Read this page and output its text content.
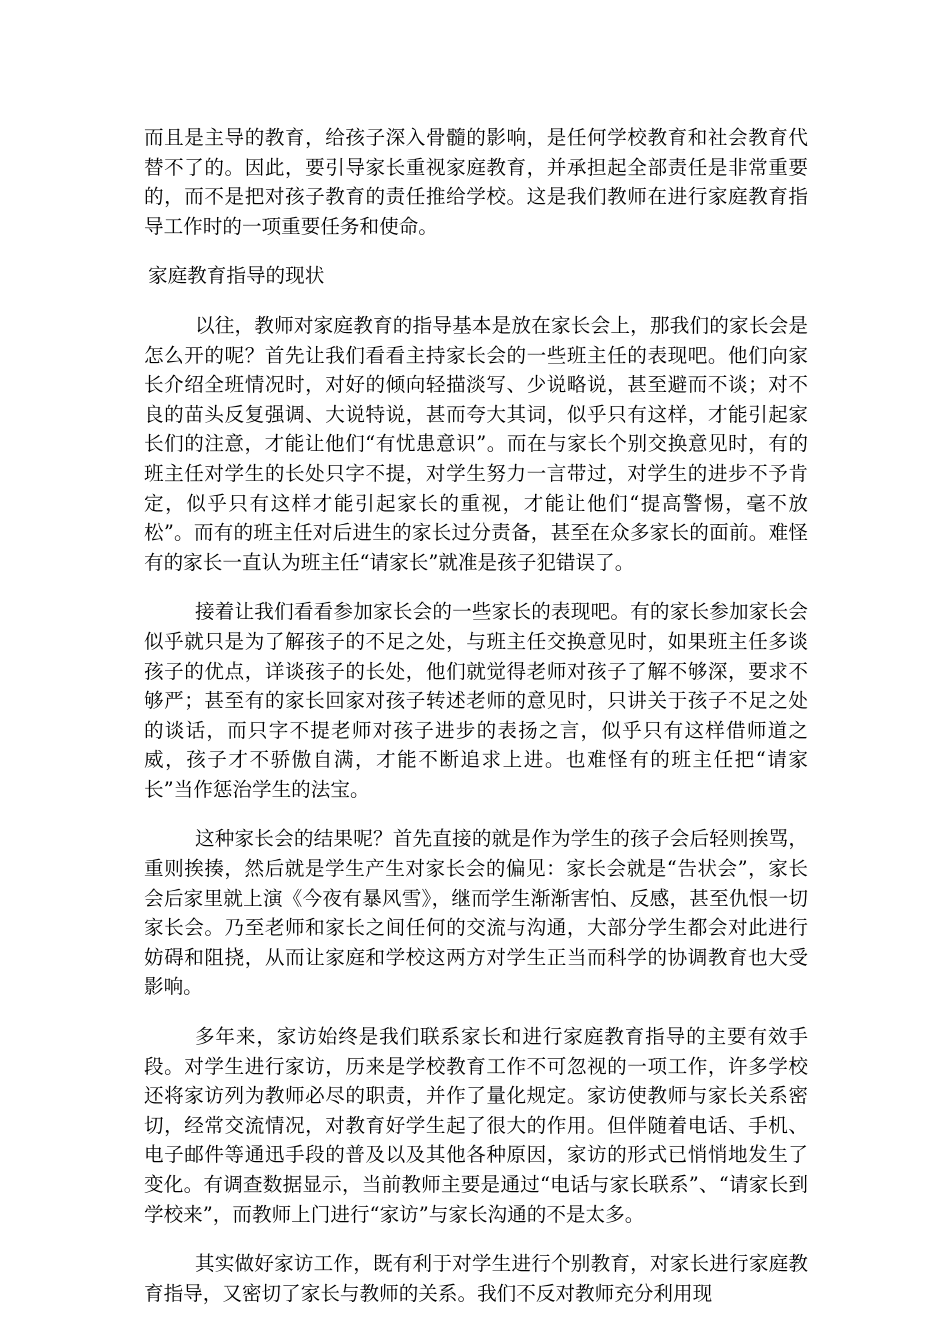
而且是主导的教育，给孩子深入骨髓的影响，是任何学校教育和社会教育代替不了的。因此，要引导家长重视家庭教育，并承担起全部责任是非常重要的，而不是把对孩子教育的责任推给学校。这是我们教师在进行家庭教育指导工作时的一项重要任务和使命。

家庭教育指导的现状

以往，教师对家庭教育的指导基本是放在家长会上，那我们的家长会是怎么开的呢？首先让我们看看主持家长会的一些班主任的表现吧。他们向家长介绍全班情况时，对好的倾向轻描淡写、少说略说，甚至避而不谈；对不良的苗头反复强调、大说特说，甚而夸大其词，似乎只有这样，才能引起家长们的注意，才能让他们“有忧患意识”。而在与家长个别交换意见时，有的班主任对学生的长处只字不提，对学生努力一言带过，对学生的进步不予肯定，似乎只有这样才能引起家长的重视，才能让他们“提高警惕，毫不放松”。而有的班主任对后进生的家长过分责备，甚至在众多家长的面前。难怪有的家长一直认为班主任“请家长”就准是孩子犯错误了。

接着让我们看看参加家长会的一些家长的表现吧。有的家长参加家长会似乎就只是为了解孩子的不足之处，与班主任交换意见时，如果班主任多谈孩子的优点，详谈孩子的长处，他们就觉得老师对孩子了解不够深，要求不够严；甚至有的家长回家对孩子转述老师的意见时，只讲关于孩子不足之处的谈话，而只字不提老师对孩子进步的表扬之言，似乎只有这样借师道之威，孩子才不骄傲自满，才能不断追求上进。也难怪有的班主任把“请家长”当作惩治学生的法宝。

这种家长会的结果呢？首先直接的就是作为学生的孩子会后轻则挨骂，重则挨揍，然后就是学生产生对家长会的偏见：家长会就是“告状会”，家长会后家里就上演《今夜有暴风雪》，继而学生渐渐害怕、反感，甚至仇恨一切家长会。乃至老师和家长之间任何的交流与沟通，大部分学生都会对此进行妨碍和阻挠，从而让家庭和学校这两方对学生正当而科学的协调教育也大受影响。

多年来，家访始终是我们联系家长和进行家庭教育指导的主要有效手段。对学生进行家访，历来是学校教育工作不可忽视的一项工作，许多学校还将家访列为教师必尽的职责，并作了量化规定。家访使教师与家长关系密切，经常交流情况，对教育好学生起了很大的作用。但伴随着电话、手机、电子邮件等通迅手段的普及以及其他各种原因，家访的形式已悄悄地发生了变化。有调查数据显示，当前教师主要是通过“电话与家长联系”、“请家长到学校来”，而教师上门进行“家访”与家长沟通的不是太多。

其实做好家访工作，既有利于对学生进行个别教育，对家长进行家庭教育指导，又密切了家长与教师的关系。我们不反对教师充分利用现
